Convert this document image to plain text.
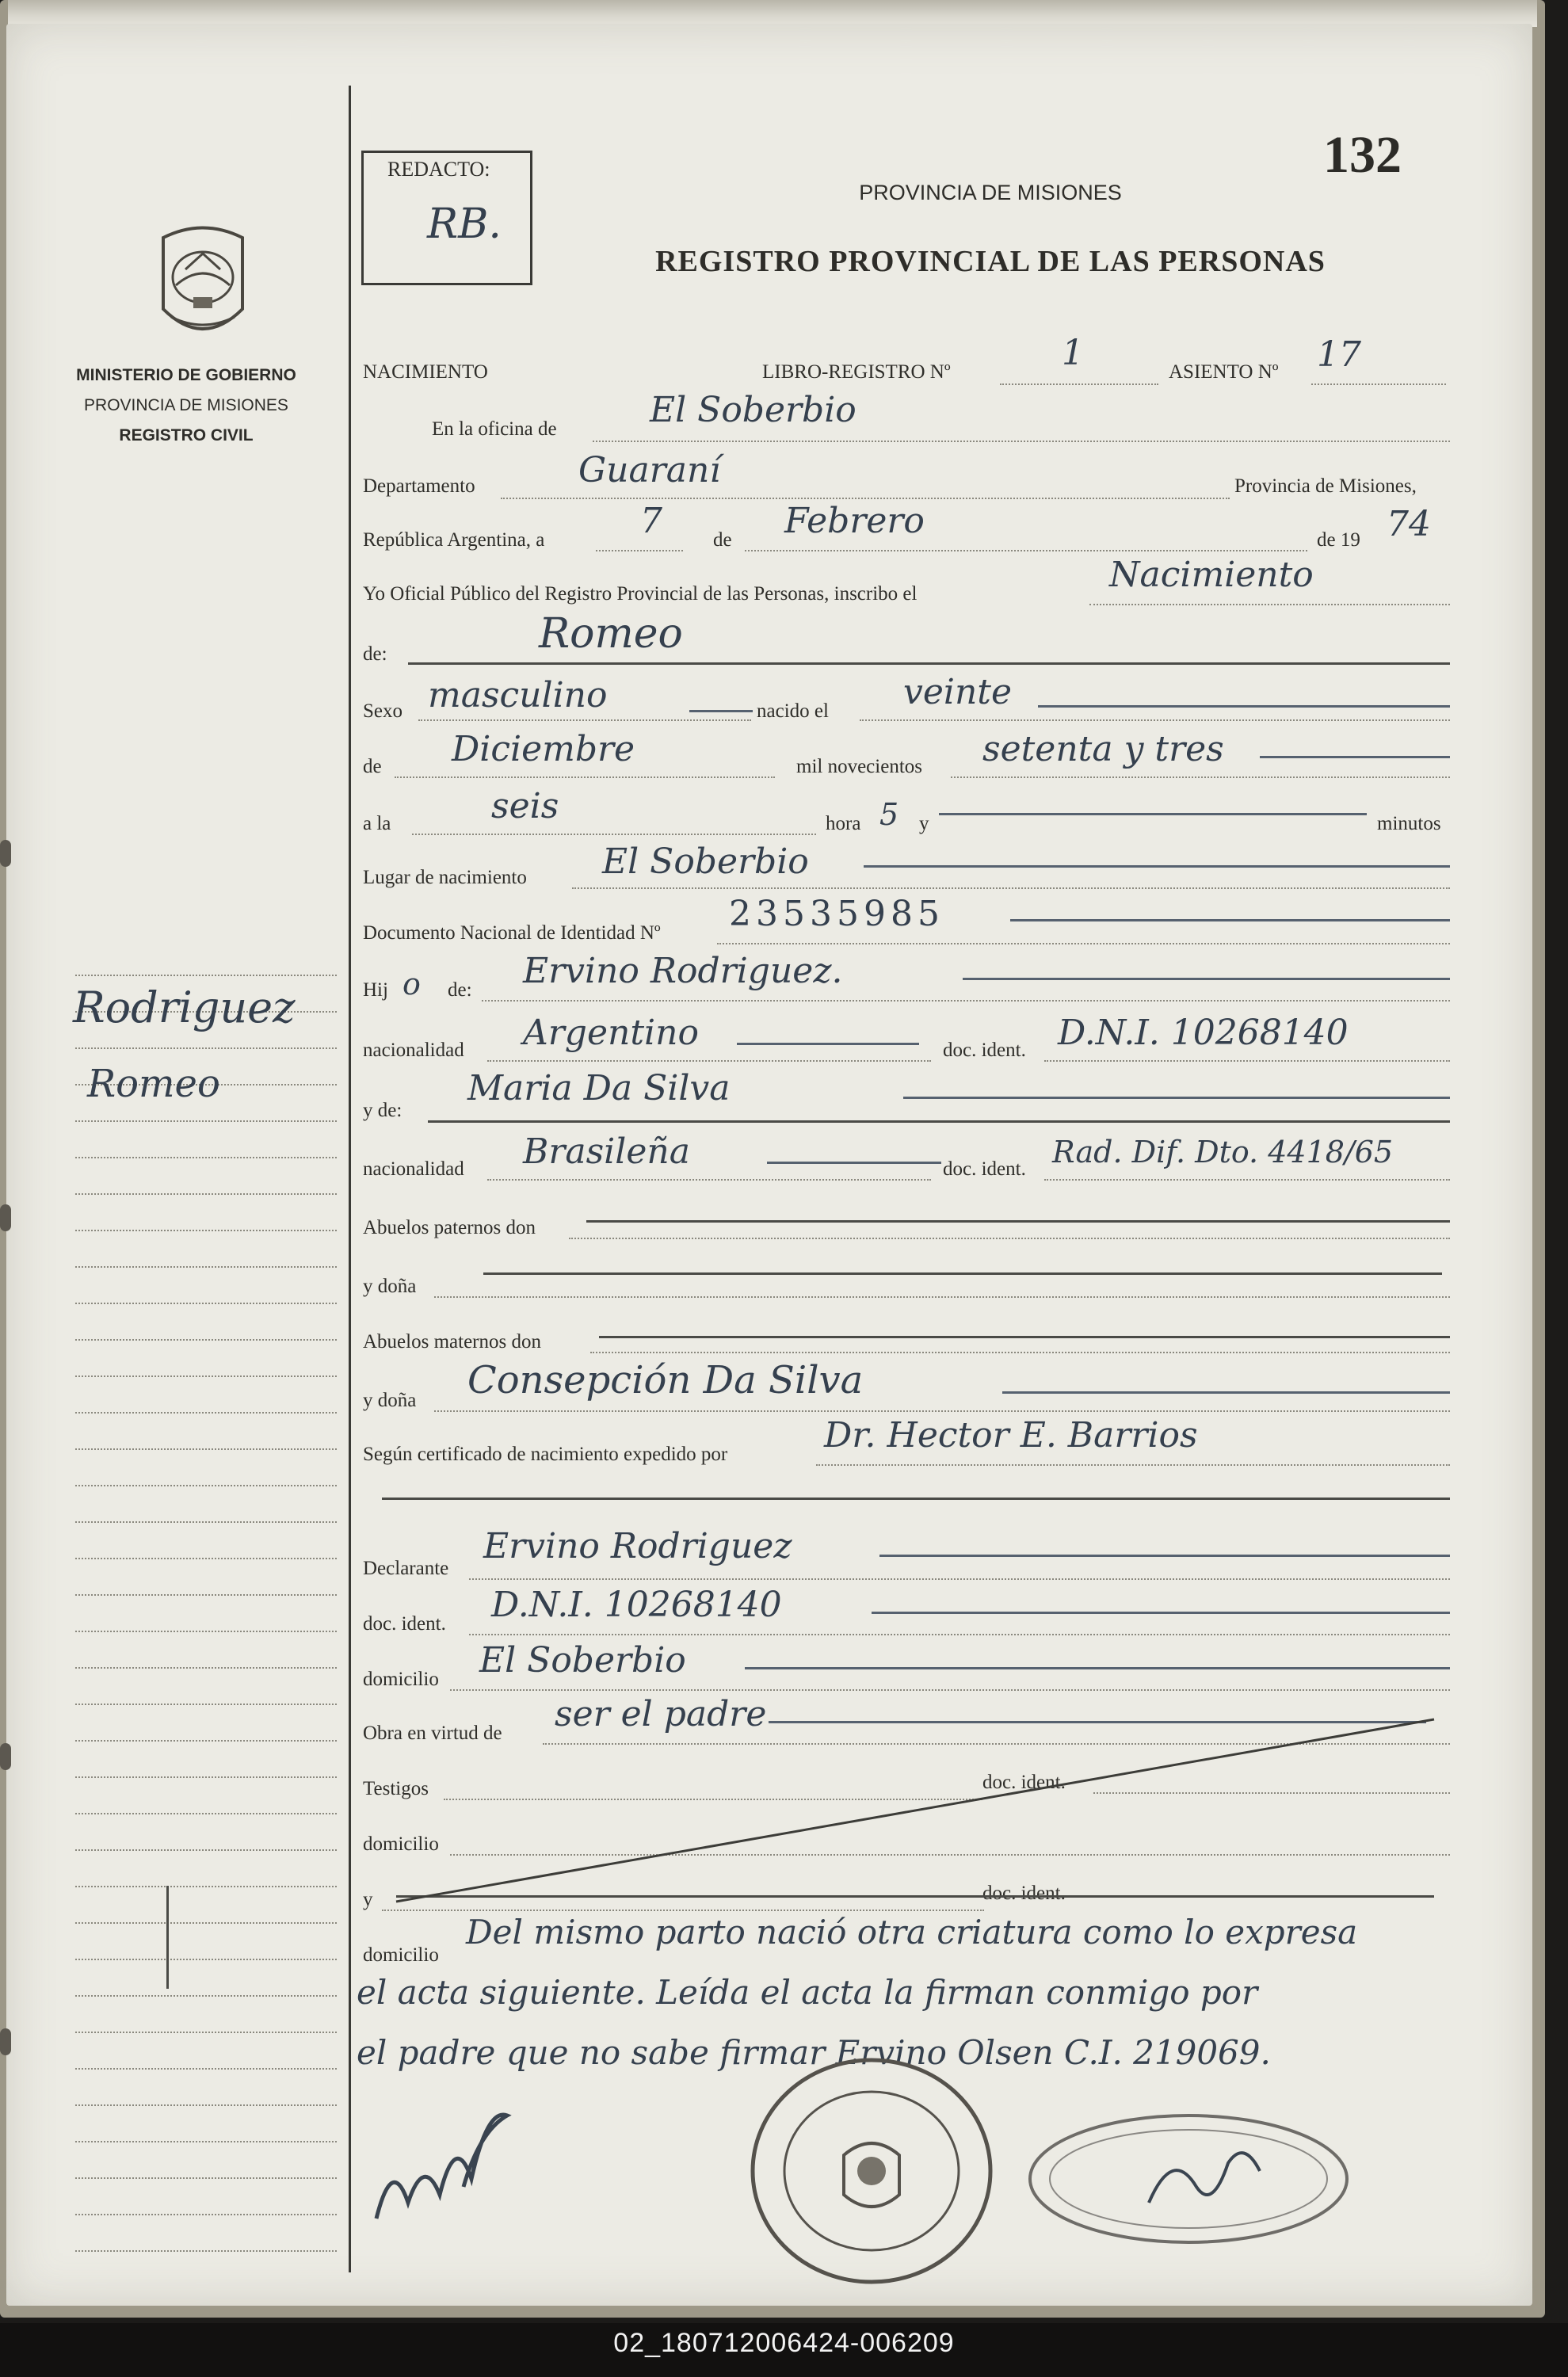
MINISTERIO DE GOBIERNO
PROVINCIA DE MISIONES
REGISTRO CIVIL
Rodriguez
Romeo
REDACTO:
RB.
132
PROVINCIA DE MISIONES
REGISTRO PROVINCIAL DE LAS PERSONAS
NACIMIENTO	LIBRO-REGISTRO Nº	1	ASIENTO Nº 17
En la oficina de	El Soberbio
Departamento	Guaraní	Provincia de Misiones,
República Argentina, a	7	de Febrero	de 19 74
Yo Oficial Público del Registro Provincial de las Personas, inscribo el	Nacimiento
de:	Romeo
Sexo masculino	nacido el veinte
de Diciembre	mil novecientos setenta y tres
a la	seis	hora 5 y	minutos
Lugar de nacimiento El Soberbio
Documento Nacional de Identidad Nº 23535985
Hij o de: Ervino Rodriguez.
nacionalidad Argentino	doc. ident. D.N.I. 10268140
y de:
Maria Da Silva
nacionalidad Brasileña	doc. ident. Rad. Dif. Dto. 4418/65
Abuelos paternos don
y doña
Abuelos maternos don
y doña Consepción Da Silva
Según certificado de nacimiento expedido por	Dr. Hector E. Barrios
Declarante
Ervino Rodriguez
doc. ident. D.N.I. 10268140
domicilio El Soberbio
Obra en virtud de ser el padre
Testigos	doc. ident.
domicilio
y	doc. ident.
domicilio
Del mismo parto nació otra criatura como lo expresa
el acta siguiente. Leída el acta la firman conmigo por
el padre que no sabe firmar Ervino Olsen C.I. 219069.
02_180712006424-006209
